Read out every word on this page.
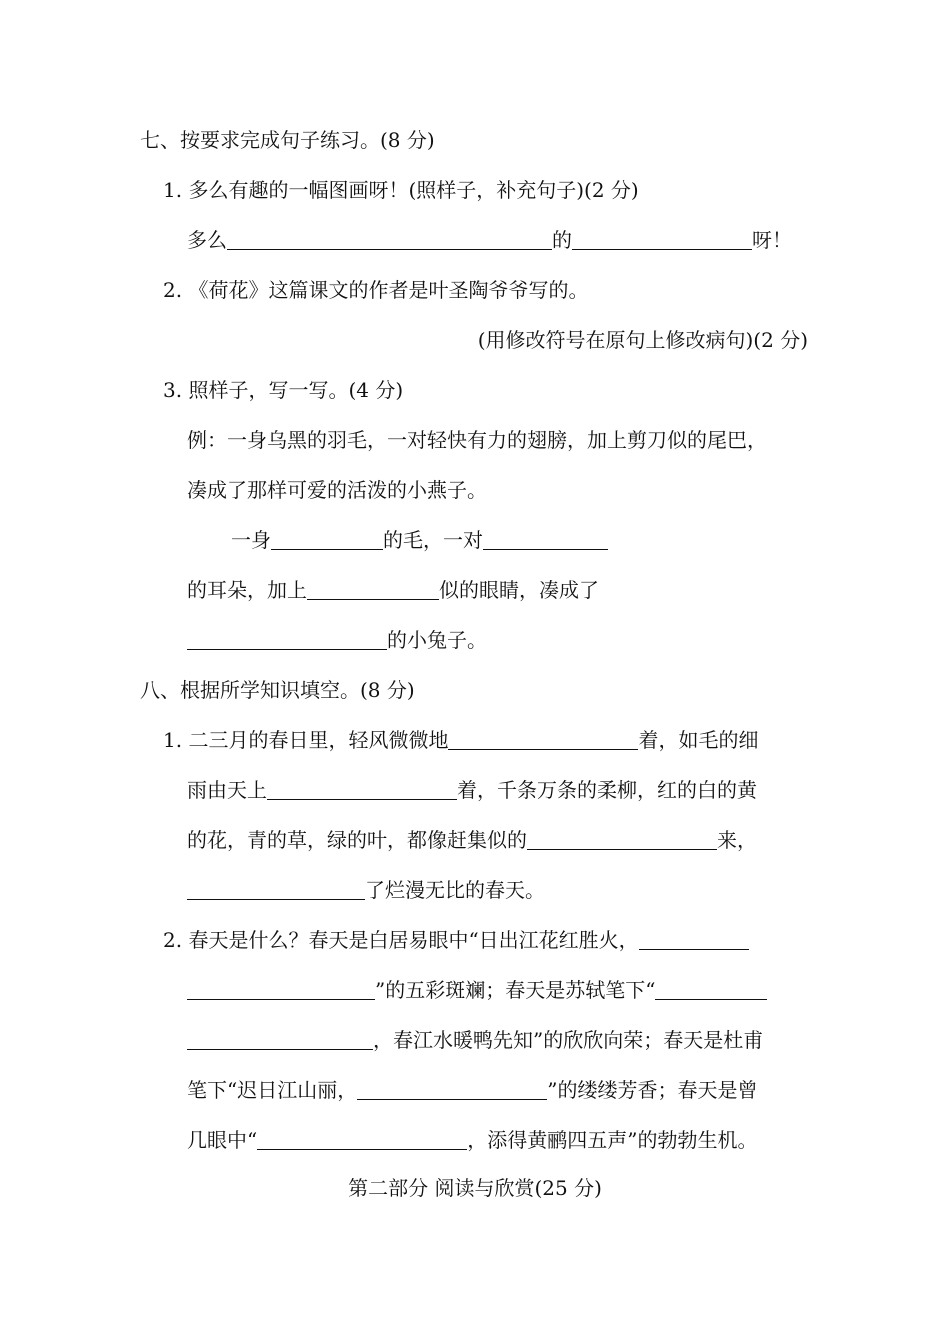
七、按要求完成句子练习。(8 分)
1. 多么有趣的一幅图画呀！(照样子，补充句子)(2 分)
多么	的	呀！
2. 《荷花》这篇课文的作者是叶圣陶爷爷写的。
(用修改符号在原句上修改病句)(2 分)
3. 照样子，写一写。(4 分)
例：一身乌黑的羽毛，一对轻快有力的翅膀，加上剪刀似的尾巴，
凑成了那样可爱的活泼的小燕子。
一身	的毛，一对
的耳朵，加上	似的眼睛，凑成了
的小兔子。
八、根据所学知识填空。(8 分)
1. 二三月的春日里，轻风微微地	着，如毛的细
雨由天上	着，千条万条的柔柳，红的白的黄
的花，青的草，绿的叶，都像赶集似的	来，
了烂漫无比的春天。
2. 春天是什么？春天是白居易眼中“日出江花红胜火，
”的五彩斑斓；春天是苏轼笔下“
，春江水暖鸭先知”的欣欣向荣；春天是杜甫
笔下“迟日江山丽，	”的缕缕芳香；春天是曾
几眼中“	，添得黄鹂四五声”的勃勃生机。
第二部分 阅读与欣赏(25 分)
